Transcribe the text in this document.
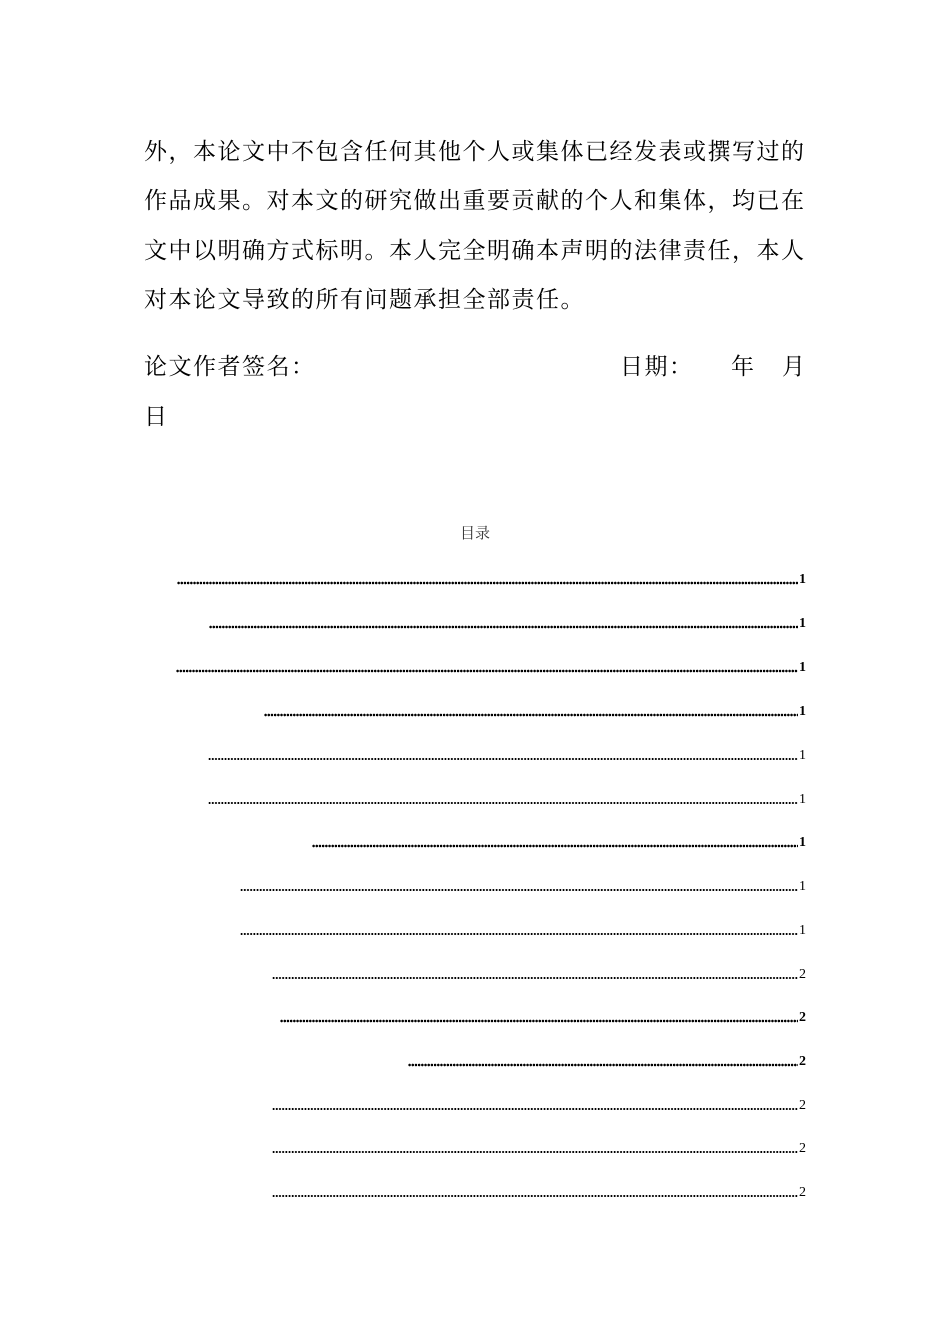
外，本论文中不包含任何其他个人或集体已经发表或撰写过的
作品成果。对本文的研究做出重要贡献的个人和集体，均已在
文中以明确方式标明。本人完全明确本声明的法律责任，本人
对本论文导致的所有问题承担全部责任。
论文作者签名：	日期： 年 月
日
目录
1
1
1
1
1
1
1
1
1
2
2
2
2
2
2
